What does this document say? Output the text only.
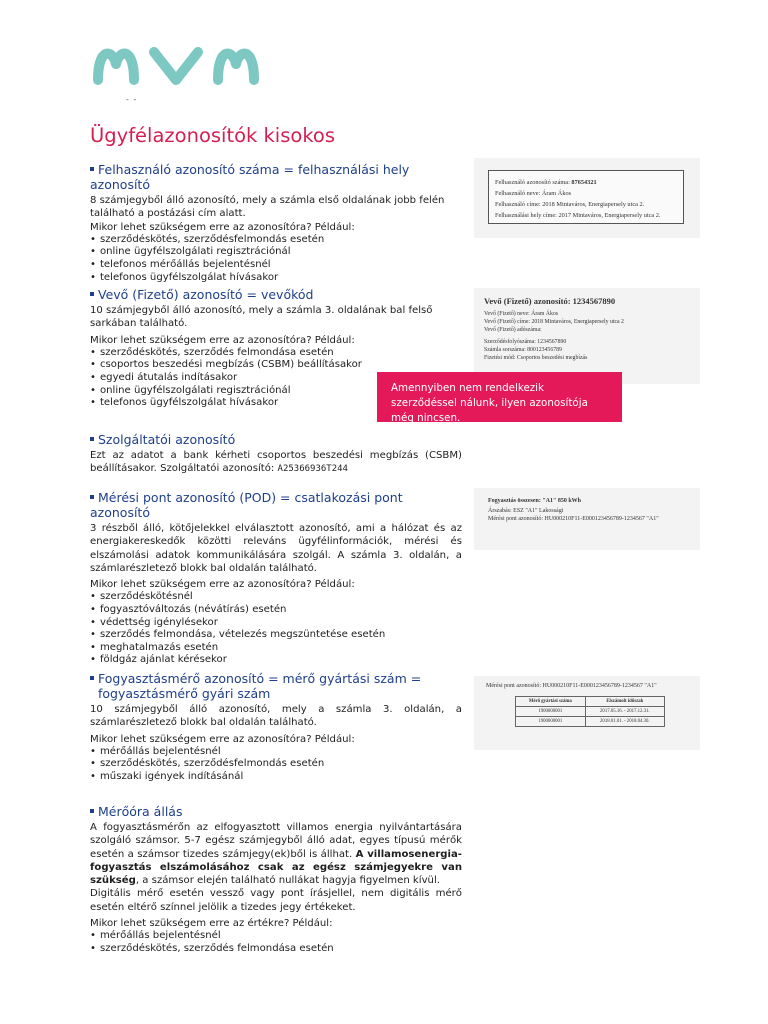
- -
Ügyfélazonosítók kisokos
Felhasználó azonosító száma = felhasználási hely azonosító

8 számjegyből álló azonosító, mely a számla első oldalának jobb felén található a postázási cím alatt.

Mikor lehet szükségem erre az azonosítóra? Például:

• szerződéskötés, szerződésfelmondás esetén
• online ügyfélszolgálati regisztrációnál
• telefonos mérőállás bejelentésnél
• telefonos ügyfélszolgálat hívásakor
Vevő (Fizető) azonosító = vevőkód

10 számjegyből álló azonosító, mely a számla 3. oldalának bal felső sarkában található.

Mikor lehet szükségem erre az azonosítóra? Például:

• szerződéskötés, szerződés felmondása esetén
• csoportos beszedési megbízás (CSBM) beállításakor
• egyedi átutalás indításakor
• online ügyfélszolgálati regisztrációnál
• telefonos ügyfélszolgálat hívásakor
Szolgáltatói azonosító

Ezt az adatot a bank kérheti csoportos beszedési megbízás (CSBM) beállításakor. Szolgáltatói azonosító: A25366936T244

Mérési pont azonosító (POD) = csatlakozási pont azonosító

3 részből álló, kötőjelekkel elválasztott azonosító, ami a hálózat és az energiakereskedők közötti releváns ügyfélinformációk, mérési és elszámolási adatok kommunikálására szolgál. A számla 3. oldalán, a számlarészletező blokk bal oldalán található.

Mikor lehet szükségem erre az azonosítóra? Például:

• szerződéskötésnél
• fogyasztóváltozás (névátírás) esetén
• védettség igénylésekor
• szerződés felmondása, vételezés megszüntetése esetén
• meghatalmazás esetén
• földgáz ajánlat kérésekor
Fogyasztásmérő azonosító = mérő gyártási szám =
fogyasztásmérő gyári szám

10 számjegyből álló azonosító, mely a számla 3. oldalán, a számlarészletező blokk bal oldalán található.

Mikor lehet szükségem erre az azonosítóra? Például:

• mérőállás bejelentésnél
• szerződéskötés, szerződésfelmondás esetén
• műszaki igények indításánál
Mérőóra állás

A fogyasztásmérőn az elfogyasztott villamos energia nyilvántartására szolgáló számsor. 5-7 egész számjegyből álló adat, egyes típusú mérők esetén a számsor tizedes számjegy(ek)ből is állhat. A villamosenergia-fogyasztás elszámolásához csak az egész számjegyekre van szükség, a számsor elején található nullákat hagyja figyelmen kívül.

Digitális mérő esetén vessző vagy pont írásjellel, nem digitális mérő esetén eltérő színnel jelölik a tizedes jegy értékeket.

Mikor lehet szükségem erre az értékre? Például:

• mérőállás bejelentésnél
• szerződéskötés, szerződés felmondása esetén
Felhasználó azonosító száma: 87654321
Felhasználó neve: Áram Ákos
Felhasználó címe: 2018 Mintaváros, Energiapersely utca 2.
Felhasználási hely címe: 2017 Mintaváros, Energiapersely utca 2.
Vevő (Fizető) azonosító: 1234567890
Vevő (Fizető) neve: Áram Ákos
Vevő (Fizető) címe: 2018 Mintaváros, Energiapersely utca 2
Vevő (Fizető) adószáma:
Szerződésfolyószáma: 1234567890
Számla sorszáma: 800123456789
Fizetési mód: Csoportos beszedési megbízás
Amennyiben nem rendelkezik szerződéssel nálunk, ilyen azonosítója még nincsen.
Fogyasztás összesen: "A1" 850 kWh
Árszabás: ESZ "A1" Lakossági
Mérési pont azonosító: HU000210F11-E000123456789-1234567 "A1"
Mérési pont azonosító: HU000210F11-E000123456789-1234567 "A1"
Mérő gyártási száma	Elszámolt időszak
1900000001	2017.05.16. - 2017.12.31.
1900000001	2018.01.01. - 2018.04.30.
